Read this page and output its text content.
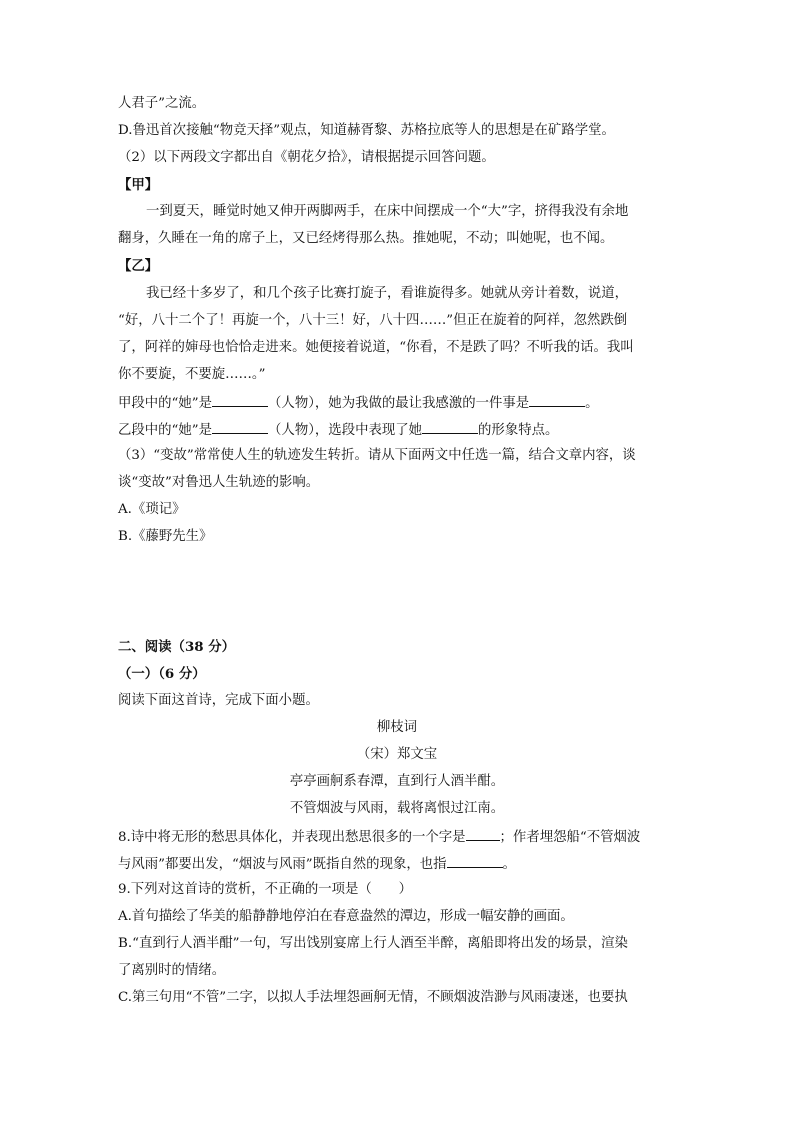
人君子”之流。
D.鲁迅首次接触“物竞天择”观点，知道赫胥黎、苏格拉底等人的思想是在矿路学堂。
（2）以下两段文字都出自《朝花夕拾》，请根据提示回答问题。
【甲】
一到夏天，睡觉时她又伸开两脚两手，在床中间摆成一个“大”字，挤得我没有余地
翻身，久睡在一角的席子上，又已经烤得那么热。推她呢，不动；叫她呢，也不闻。
【乙】
我已经十多岁了，和几个孩子比赛打旋子，看谁旋得多。她就从旁计着数，说道，
“好，八十二个了！再旋一个，八十三！好，八十四……”但正在旋着的阿祥，忽然跌倒
了，阿祥的婶母也恰恰走进来。她便接着说道，“你看，不是跌了吗？不听我的话。我叫
你不要旋，不要旋……。”
甲段中的“她”是	（人物），她为我做的最让我感激的一件事是	。
乙段中的“她”是	（人物），选段中表现了她	的形象特点。
（3）“变故”常常使人生的轨迹发生转折。请从下面两文中任选一篇，结合文章内容，谈
谈“变故”对鲁迅人生轨迹的影响。
A.《琐记》
B.《藤野先生》
二、阅读（38 分）
（一）（6 分）
阅读下面这首诗，完成下面小题。
柳枝词
（宋）郑文宝
亭亭画舸系春潭，直到行人酒半酣。
不管烟波与风雨，载将离恨过江南。
8.诗中将无形的愁思具体化，并表现出愁思很多的一个字是	；作者埋怨船“不管烟波
与风雨”都要出发，“烟波与风雨”既指自然的现象，也指	。
9.下列对这首诗的赏析，不正确的一项是（　　）
A.首句描绘了华美的船静静地停泊在春意盎然的潭边，形成一幅安静的画面。
B.“直到行人酒半酣”一句，写出饯别宴席上行人酒至半醉，离船即将出发的场景，渲染
了离别时的情绪。
C.第三句用“不管”二字，以拟人手法埋怨画舸无情，不顾烟波浩渺与风雨凄迷，也要执
